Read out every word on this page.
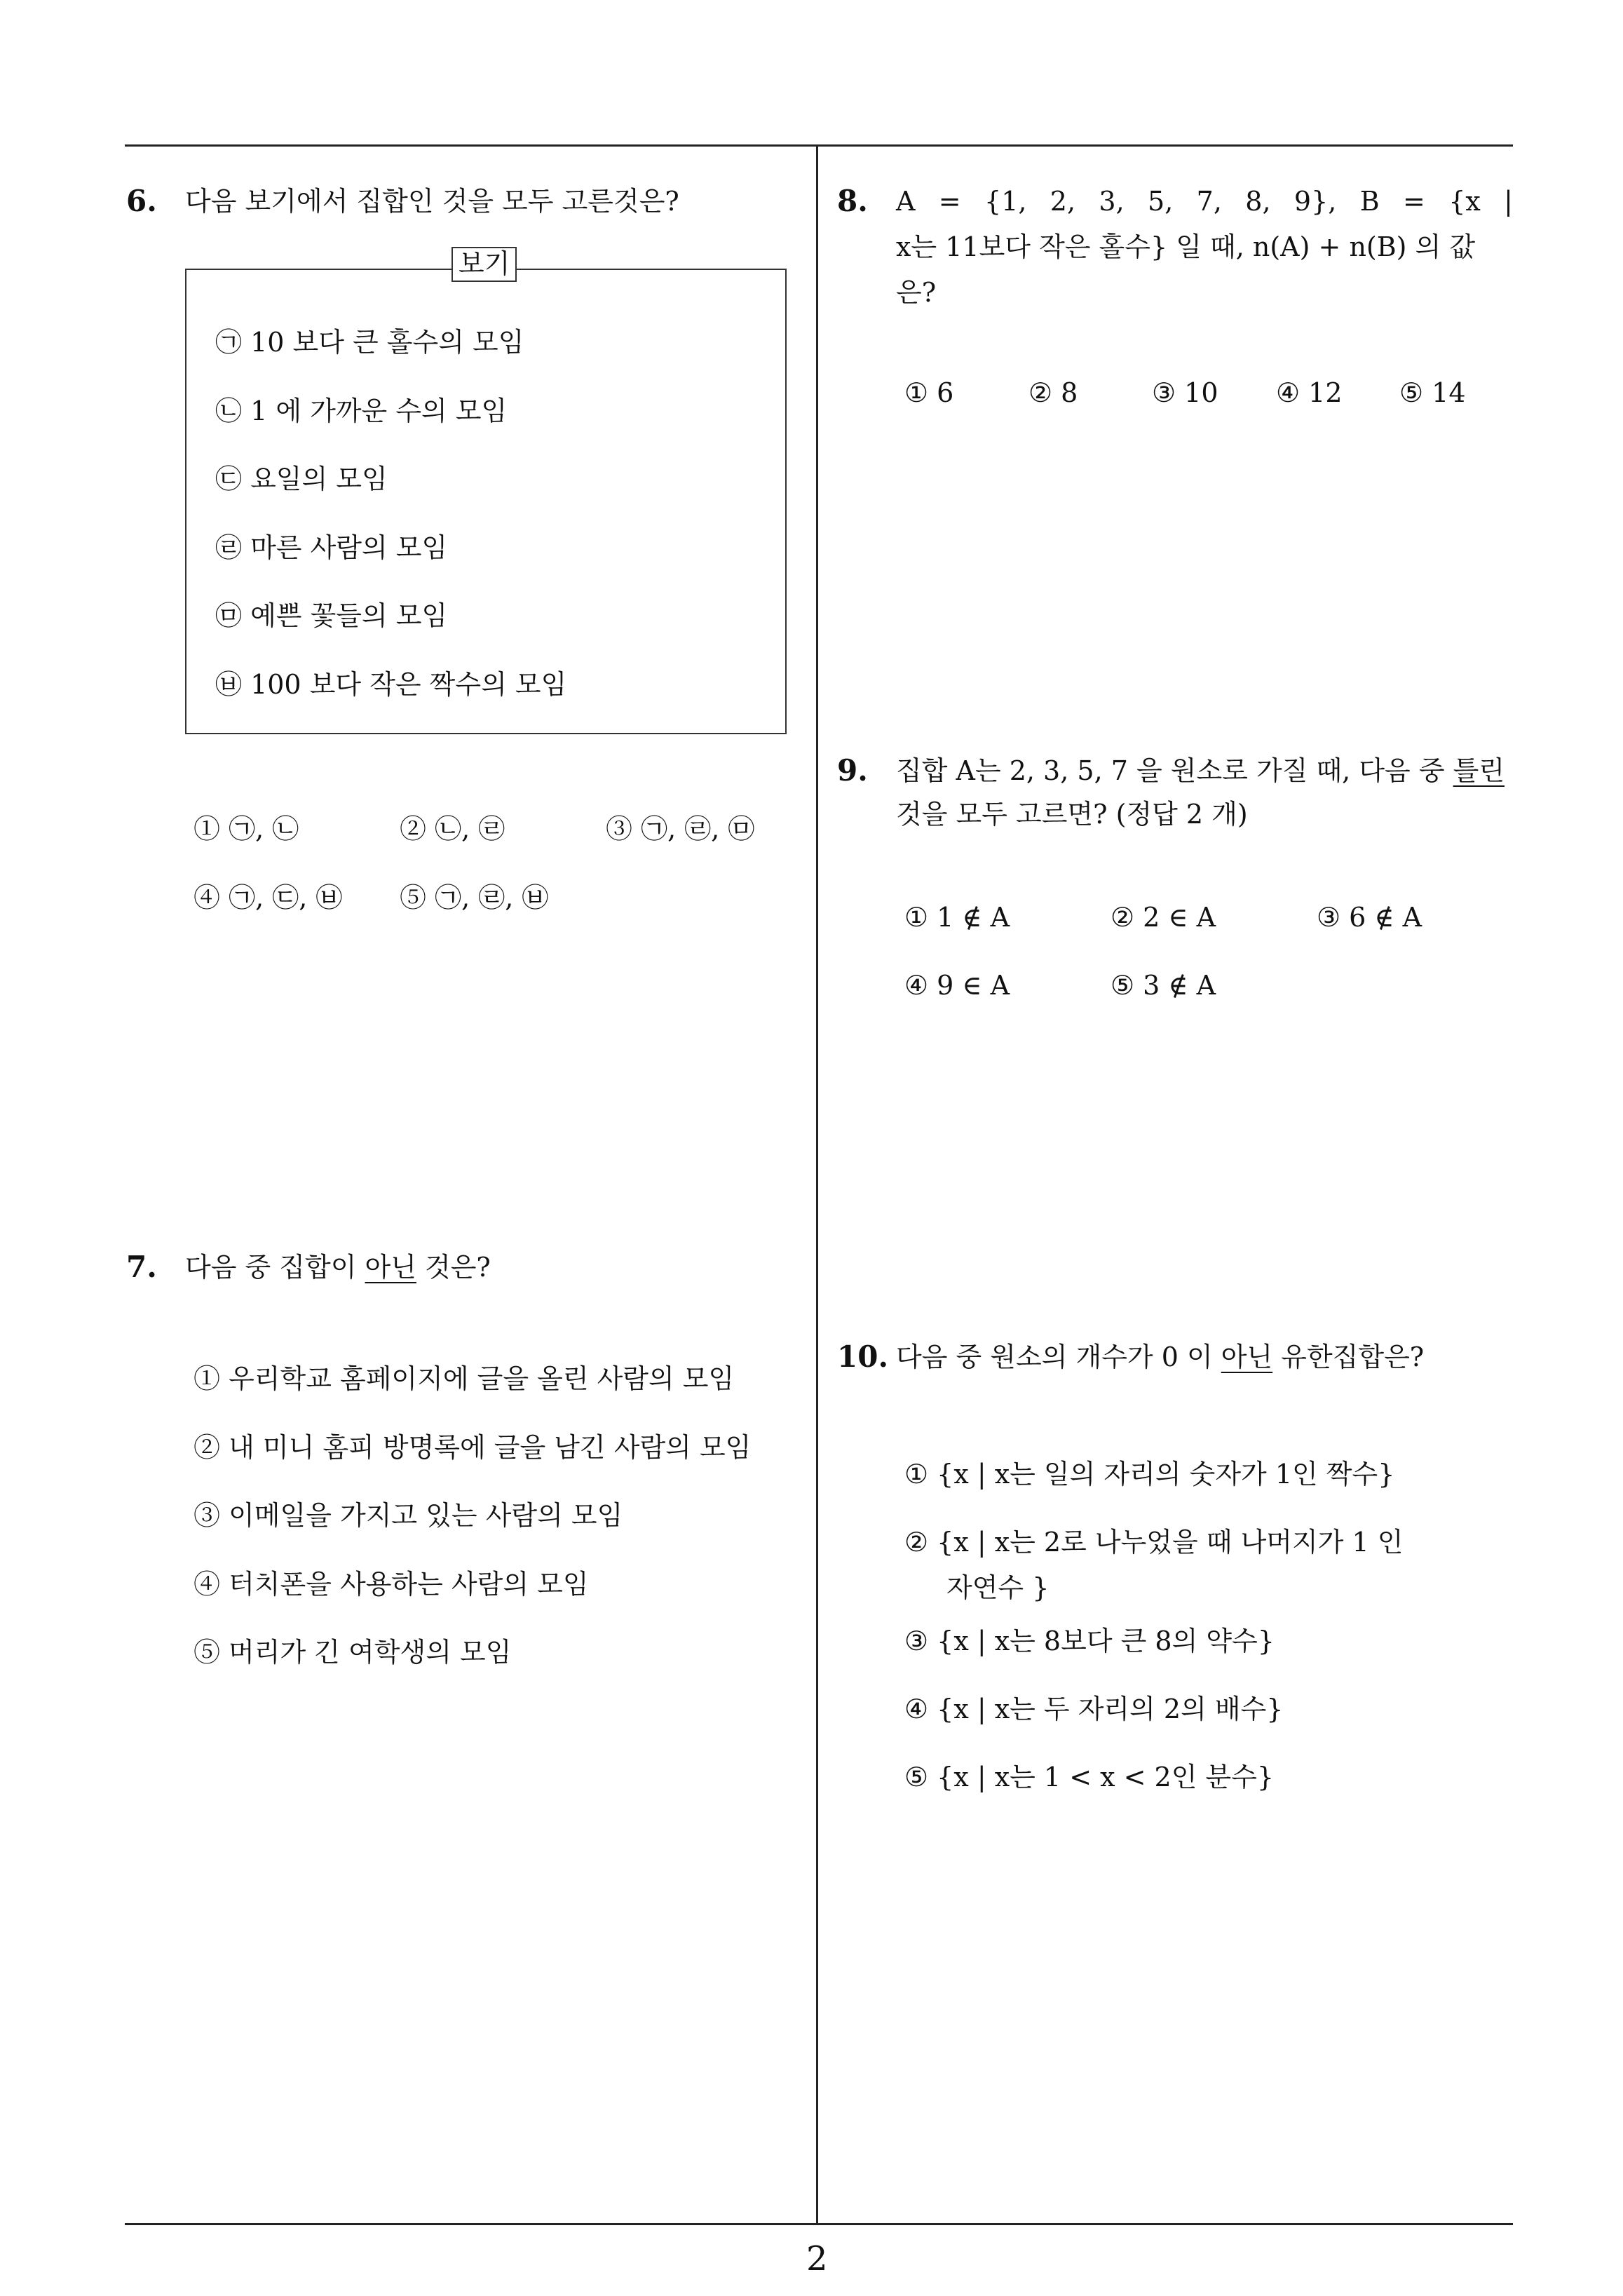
6. 다음 보기에서 집합인 것을 모두 고른것은?
보기
㉠ 10 보다 큰 홀수의 모임
㉡ 1 에 가까운 수의 모임
㉢ 요일의 모임
㉣ 마른 사람의 모임
㉤ 예쁜 꽃들의 모임
㉥ 100 보다 작은 짝수의 모임
① ㉠, ㉡	② ㉡, ㉣	③ ㉠, ㉣, ㉤
④ ㉠, ㉢, ㉥ ⑤ ㉠, ㉣, ㉥
7. 다음 중 집합이 아닌 것은?
① 우리학교 홈페이지에 글을 올린 사람의 모임
② 내 미니 홈피 방명록에 글을 남긴 사람의 모임
③ 이메일을 가지고 있는 사람의 모임
④ 터치폰을 사용하는 사람의 모임
⑤ 머리가 긴 여학생의 모임
8. A = {1, 2, 3, 5, 7, 8, 9}, B = {x |
x는 11보다 작은 홀수} 일 때, n(A) + n(B) 의 값
은?
① 6	② 8	③ 10 ④ 12 ⑤ 14
9. 집합 A는 2, 3, 5, 7 을 원소로 가질 때, 다음 중 틀린
것을 모두 고르면? (정답 2 개)
① 1 ∉ A	② 2 ∈ A	③ 6 ∉ A
④ 9 ∈ A	⑤ 3 ∉ A
10. 다음 중 원소의 개수가 0 이 아닌 유한집합은?
① {x | x는 일의 자리의 숫자가 1인 짝수}
② {x | x는 2로 나누었을 때 나머지가 1 인
자연수 }
③ {x | x는 8보다 큰 8의 약수}
④ {x | x는 두 자리의 2의 배수}
⑤ {x | x는 1 < x < 2인 분수}
2
